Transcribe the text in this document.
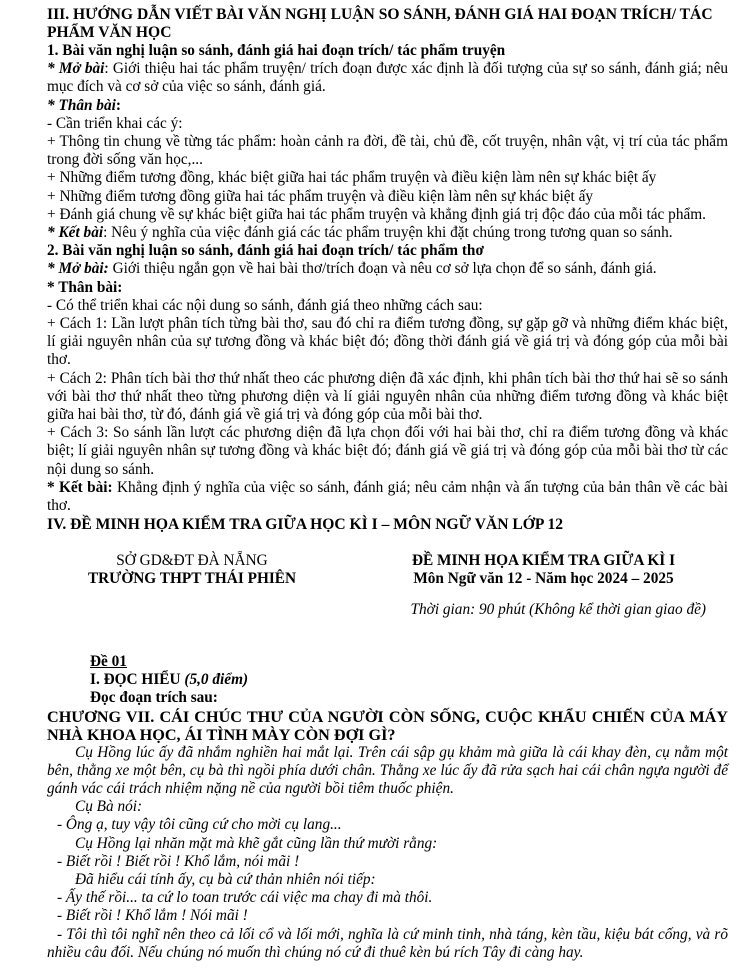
III. HƯỚNG DẪN VIẾT BÀI VĂN NGHỊ LUẬN SO SÁNH, ĐÁNH GIÁ HAI ĐOẠN TRÍCH/ TÁC PHẨM VĂN HỌC

1. Bài văn nghị luận so sánh, đánh giá hai đoạn trích/ tác phẩm truyện

* Mở bài: Giới thiệu hai tác phẩm truyện/ trích đoạn được xác định là đối tượng của sự so sánh, đánh giá; nêu mục đích và cơ sở của việc so sánh, đánh giá.

* Thân bài:

- Cần triển khai các ý:

+ Thông tin chung về từng tác phẩm: hoàn cảnh ra đời, đề tài, chủ đề, cốt truyện, nhân vật, vị trí của tác phẩm trong đời sống văn học,...

+ Những điểm tương đồng, khác biệt giữa hai tác phẩm truyện và điều kiện làm nên sự khác biệt ấy

+ Những điểm tương đồng giữa hai tác phẩm truyện và điều kiện làm nên sự khác biệt ấy

+ Đánh giá chung về sự khác biệt giữa hai tác phẩm truyện và khẳng định giá trị độc đáo của mỗi tác phẩm.

* Kết bài: Nêu ý nghĩa của việc đánh giá các tác phẩm truyện khi đặt chúng trong tương quan so sánh.

2. Bài văn nghị luận so sánh, đánh giá hai đoạn trích/ tác phẩm thơ

* Mở bài: Giới thiệu ngắn gọn về hai bài thơ/trích đoạn và nêu cơ sở lựa chọn để so sánh, đánh giá.

* Thân bài:

- Có thể triển khai các nội dung so sánh, đánh giá theo những cách sau:

+ Cách 1: Lần lượt phân tích từng bài thơ, sau đó chỉ ra điểm tương đồng, sự gặp gỡ và những điểm khác biệt, lí giải nguyên nhân của sự tương đồng và khác biệt đó; đồng thời đánh giá về giá trị và đóng góp của mỗi bài thơ.

+ Cách 2: Phân tích bài thơ thứ nhất theo các phương diện đã xác định, khi phân tích bài thơ thứ hai sẽ so sánh với bài thơ thứ nhất theo từng phương diện và lí giải nguyên nhân của những điểm tương đồng và khác biệt giữa hai bài thơ, từ đó, đánh giá về giá trị và đóng góp của mỗi bài thơ.

+ Cách 3: So sánh lần lượt các phương diện đã lựa chọn đối với hai bài thơ, chỉ ra điểm tương đồng và khác biệt; lí giải nguyên nhân sự tương đồng và khác biệt đó; đánh giá về giá trị và đóng góp của mỗi bài thơ từ các nội dung so sánh.

* Kết bài: Khẳng định ý nghĩa của việc so sánh, đánh giá; nêu cảm nhận và ấn tượng của bản thân về các bài thơ.

IV. ĐỀ MINH HỌA KIỂM TRA GIỮA HỌC KÌ I – MÔN NGỮ VĂN LỚP 12
SỞ GD&ĐT ĐÀ NẴNG
TRƯỜNG THPT THÁI PHIÊN
ĐỀ MINH HỌA KIỂM TRA GIỮA KÌ I
Môn Ngữ văn 12 - Năm học 2024 – 2025

Thời gian: 90 phút (Không kể thời gian giao đề)

Đề 01

I. ĐỌC HIỂU (5,0 điểm)

Đọc đoạn trích sau:

CHƯƠNG VII. CÁI CHÚC THƯ CỦA NGƯỜI CÒN SỐNG, CUỘC KHẨU CHIẾN CỦA MÁY NHÀ KHOA HỌC, ÁI TÌNH MÀY CÒN ĐỢI GÌ?

Cụ Hồng lúc ấy đã nhắm nghiền hai mắt lại. Trên cái sập gụ khảm mà giữa là cái khay đèn, cụ nằm một bên, thằng xe một bên, cụ bà thì ngồi phía dưới chân. Thằng xe lúc ấy đã rửa sạch hai cái chân ngựa người để gánh vác cái trách nhiệm nặng nề của người bồi tiêm thuốc phiện.

Cụ Bà nói:

- Ông ạ, tuy vậy tôi cũng cứ cho mời cụ lang...

Cụ Hồng lại nhăn mặt mà khẽ gắt cũng lần thứ mười rằng:

- Biết rồi ! Biết rồi ! Khổ lắm, nói mãi !

Đã hiểu cái tính ấy, cụ bà cứ thản nhiên nói tiếp:

- Ấy thế rồi... ta cứ lo toan trước cái việc ma chay đi mà thôi.

- Biết rồi ! Khổ lắm ! Nói mãi !

- Tôi thì tôi nghĩ nên theo cả lối cổ và lối mới, nghĩa là cứ minh tinh, nhà táng, kèn tầu, kiệu bát cống, và rõ nhiều câu đối. Nếu chúng nó muốn thì chúng nó cứ đi thuê kèn bú rích Tây đi càng hay.
